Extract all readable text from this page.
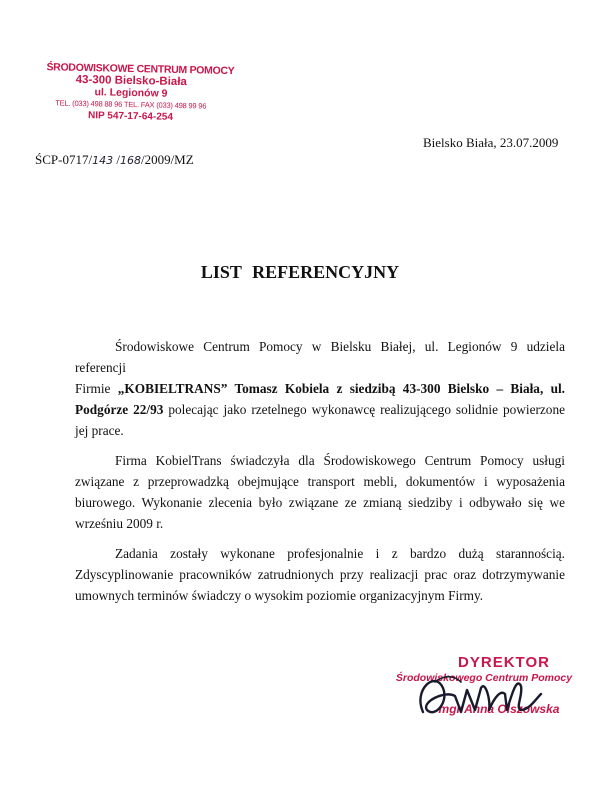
ŚRODOWISKOWE CENTRUM POMOCY
43-300 Bielsko-Biała
ul. Legionów 9
TEL. (033) 498 88 96 TEL. FAX (033) 498 99 96
NIP 547-17-64-254
Bielsko Biała, 23.07.2009
ŚCP-0717/143 /168/2009/MZ
LIST REFERENCYJNY

Środowiskowe Centrum Pomocy w Bielsku Białej, ul. Legionów 9 udziela referencji
Firmie „KOBIELTRANS” Tomasz Kobiela z siedzibą 43-300 Bielsko – Biała, ul. Podgórze 22/93 polecając jako rzetelnego wykonawcę realizującego solidnie powierzone jej prace.

Firma KobielTrans świadczyła dla Środowiskowego Centrum Pomocy usługi związane z przeprowadzką obejmujące transport mebli, dokumentów i wyposażenia biurowego. Wykonanie zlecenia było związane ze zmianą siedziby i odbywało się we wrześniu 2009 r.

Zadania zostały wykonane profesjonalnie i z bardzo dużą starannością. Zdyscyplinowanie pracowników zatrudnionych przy realizacji prac oraz dotrzymywanie umownych terminów świadczy o wysokim poziomie organizacyjnym Firmy.

DYREKTOR
Środowiskowego Centrum Pomocy
mgr Anna Olszowska
